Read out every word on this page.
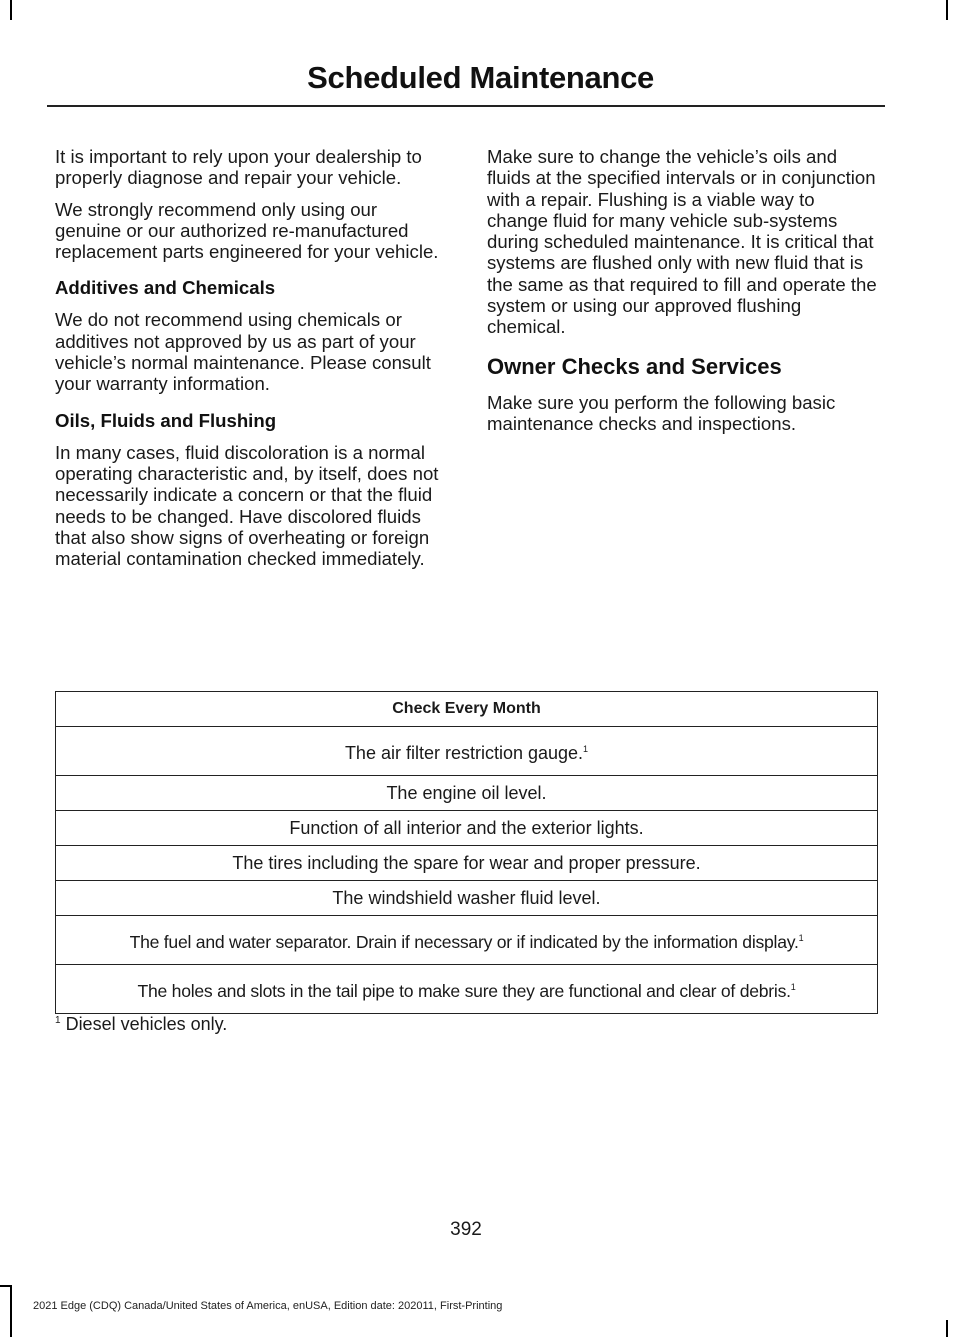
Scheduled Maintenance

It is important to rely upon your dealership to properly diagnose and repair your vehicle.

We strongly recommend only using our genuine or our authorized re-manufactured replacement parts engineered for your vehicle.

Additives and Chemicals

We do not recommend using chemicals or additives not approved by us as part of your vehicle’s normal maintenance. Please consult your warranty information.

Oils, Fluids and Flushing

In many cases, fluid discoloration is a normal operating characteristic and, by itself, does not necessarily indicate a concern or that the fluid needs to be changed. Have discolored fluids that also show signs of overheating or foreign material contamination checked immediately.

Make sure to change the vehicle’s oils and fluids at the specified intervals or in conjunction with a repair. Flushing is a viable way to change fluid for many vehicle sub-systems during scheduled maintenance. It is critical that systems are flushed only with new fluid that is the same as that required to fill and operate the system or using our approved flushing chemical.

Owner Checks and Services

Make sure you perform the following basic maintenance checks and inspections.

Check Every Month
The air filter restriction gauge.$^1$
The engine oil level.
Function of all interior and the exterior lights.
The tires including the spare for wear and proper pressure.
The windshield washer fluid level.
The fuel and water separator. Drain if necessary or if indicated by the information display.$^1$
The holes and slots in the tail pipe to make sure they are functional and clear of debris.$^1$
$^1$ Diesel vehicles only.
392
2021 Edge (CDQ) Canada/United States of America, enUSA, Edition date: 202011, First-Printing
